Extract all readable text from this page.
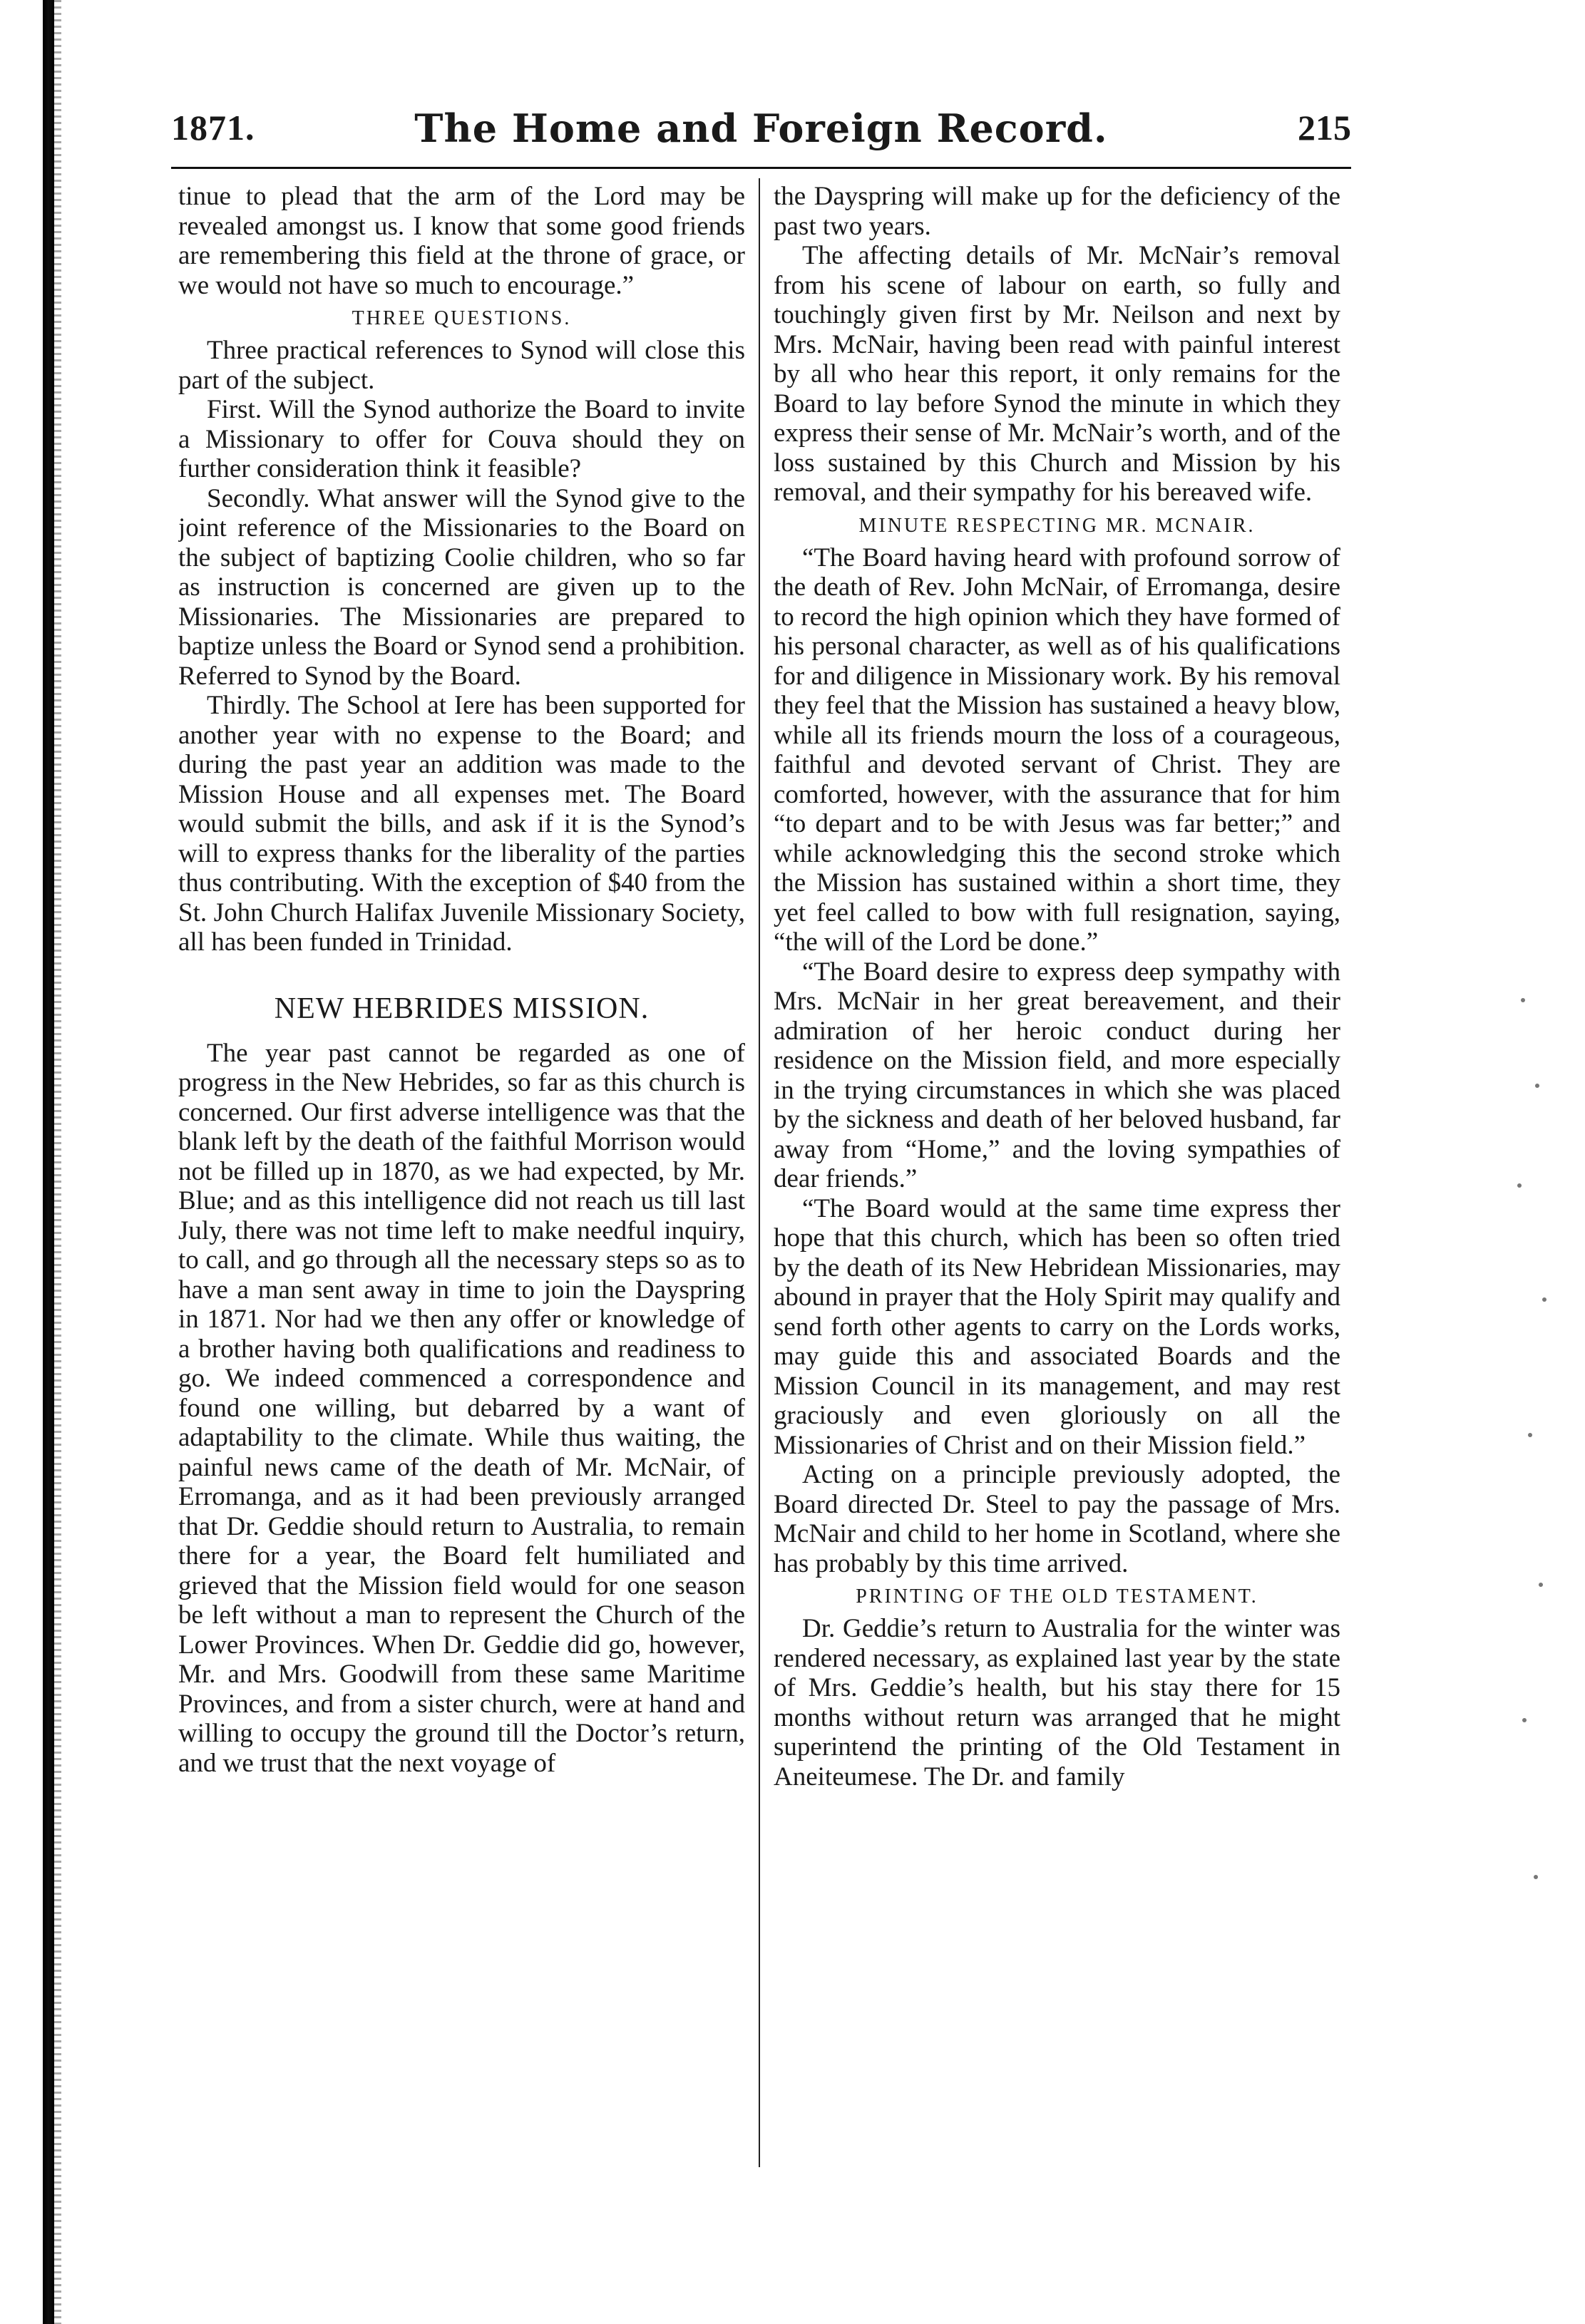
1871.	The Home and Foreign Record.	215

tinue to plead that the arm of the Lord may be revealed amongst us. I know that some good friends are remembering this field at the throne of grace, or we would not have so much to encourage.”

THREE QUESTIONS.

Three practical references to Synod will close this part of the subject.

First. Will the Synod authorize the Board to invite a Missionary to offer for Couva should they on further consideration think it feasible?

Secondly. What answer will the Synod give to the joint reference of the Missionaries to the Board on the subject of baptizing Coolie children, who so far as instruction is concerned are given up to the Missionaries. The Missionaries are prepared to baptize unless the Board or Synod send a prohibition. Referred to Synod by the Board.

Thirdly. The School at Iere has been supported for another year with no expense to the Board; and during the past year an addition was made to the Mission House and all expenses met. The Board would submit the bills, and ask if it is the Synod’s will to express thanks for the liberality of the parties thus contributing. With the exception of $40 from the St. John Church Halifax Juvenile Missionary Society, all has been funded in Trinidad.

NEW HEBRIDES MISSION.

The year past cannot be regarded as one of progress in the New Hebrides, so far as this church is concerned. Our first adverse intelligence was that the blank left by the death of the faithful Morrison would not be filled up in 1870, as we had expected, by Mr. Blue; and as this intelligence did not reach us till last July, there was not time left to make needful inquiry, to call, and go through all the necessary steps so as to have a man sent away in time to join the Dayspring in 1871. Nor had we then any offer or knowledge of a brother having both qualifications and readiness to go. We indeed commenced a correspondence and found one willing, but debarred by a want of adaptability to the climate. While thus waiting, the painful news came of the death of Mr. McNair, of Erromanga, and as it had been previously arranged that Dr. Geddie should return to Australia, to remain there for a year, the Board felt humiliated and grieved that the Mission field would for one season be left without a man to represent the Church of the Lower Provinces. When Dr. Geddie did go, however, Mr. and Mrs. Goodwill from these same Maritime Provinces, and from a sister church, were at hand and willing to occupy the ground till the Doctor’s return, and we trust that the next voyage of

the Dayspring will make up for the deficiency of the past two years.

The affecting details of Mr. McNair’s removal from his scene of labour on earth, so fully and touchingly given first by Mr. Neilson and next by Mrs. McNair, having been read with painful interest by all who hear this report, it only remains for the Board to lay before Synod the minute in which they express their sense of Mr. McNair’s worth, and of the loss sustained by this Church and Mission by his removal, and their sympathy for his bereaved wife.

MINUTE RESPECTING MR. MCNAIR.

“The Board having heard with profound sorrow of the death of Rev. John McNair, of Erromanga, desire to record the high opinion which they have formed of his personal character, as well as of his qualifications for and diligence in Missionary work. By his removal they feel that the Mission has sustained a heavy blow, while all its friends mourn the loss of a courageous, faithful and devoted servant of Christ. They are comforted, however, with the assurance that for him “to depart and to be with Jesus was far better;” and while acknowledging this the second stroke which the Mission has sustained within a short time, they yet feel called to bow with full resignation, saying, “the will of the Lord be done.”

“The Board desire to express deep sympathy with Mrs. McNair in her great bereavement, and their admiration of her heroic conduct during her residence on the Mission field, and more especially in the trying circumstances in which she was placed by the sickness and death of her beloved husband, far away from “Home,” and the loving sympathies of dear friends.”

“The Board would at the same time express ther hope that this church, which has been so often tried by the death of its New Hebridean Missionaries, may abound in prayer that the Holy Spirit may qualify and send forth other agents to carry on the Lords works, may guide this and associated Boards and the Mission Council in its management, and may rest graciously and even gloriously on all the Missionaries of Christ and on their Mission field.”

Acting on a principle previously adopted, the Board directed Dr. Steel to pay the passage of Mrs. McNair and child to her home in Scotland, where she has probably by this time arrived.

PRINTING OF THE OLD TESTAMENT.

Dr. Geddie’s return to Australia for the winter was rendered necessary, as explained last year by the state of Mrs. Geddie’s health, but his stay there for 15 months without return was arranged that he might superintend the printing of the Old Testament in Aneiteumese. The Dr. and family
